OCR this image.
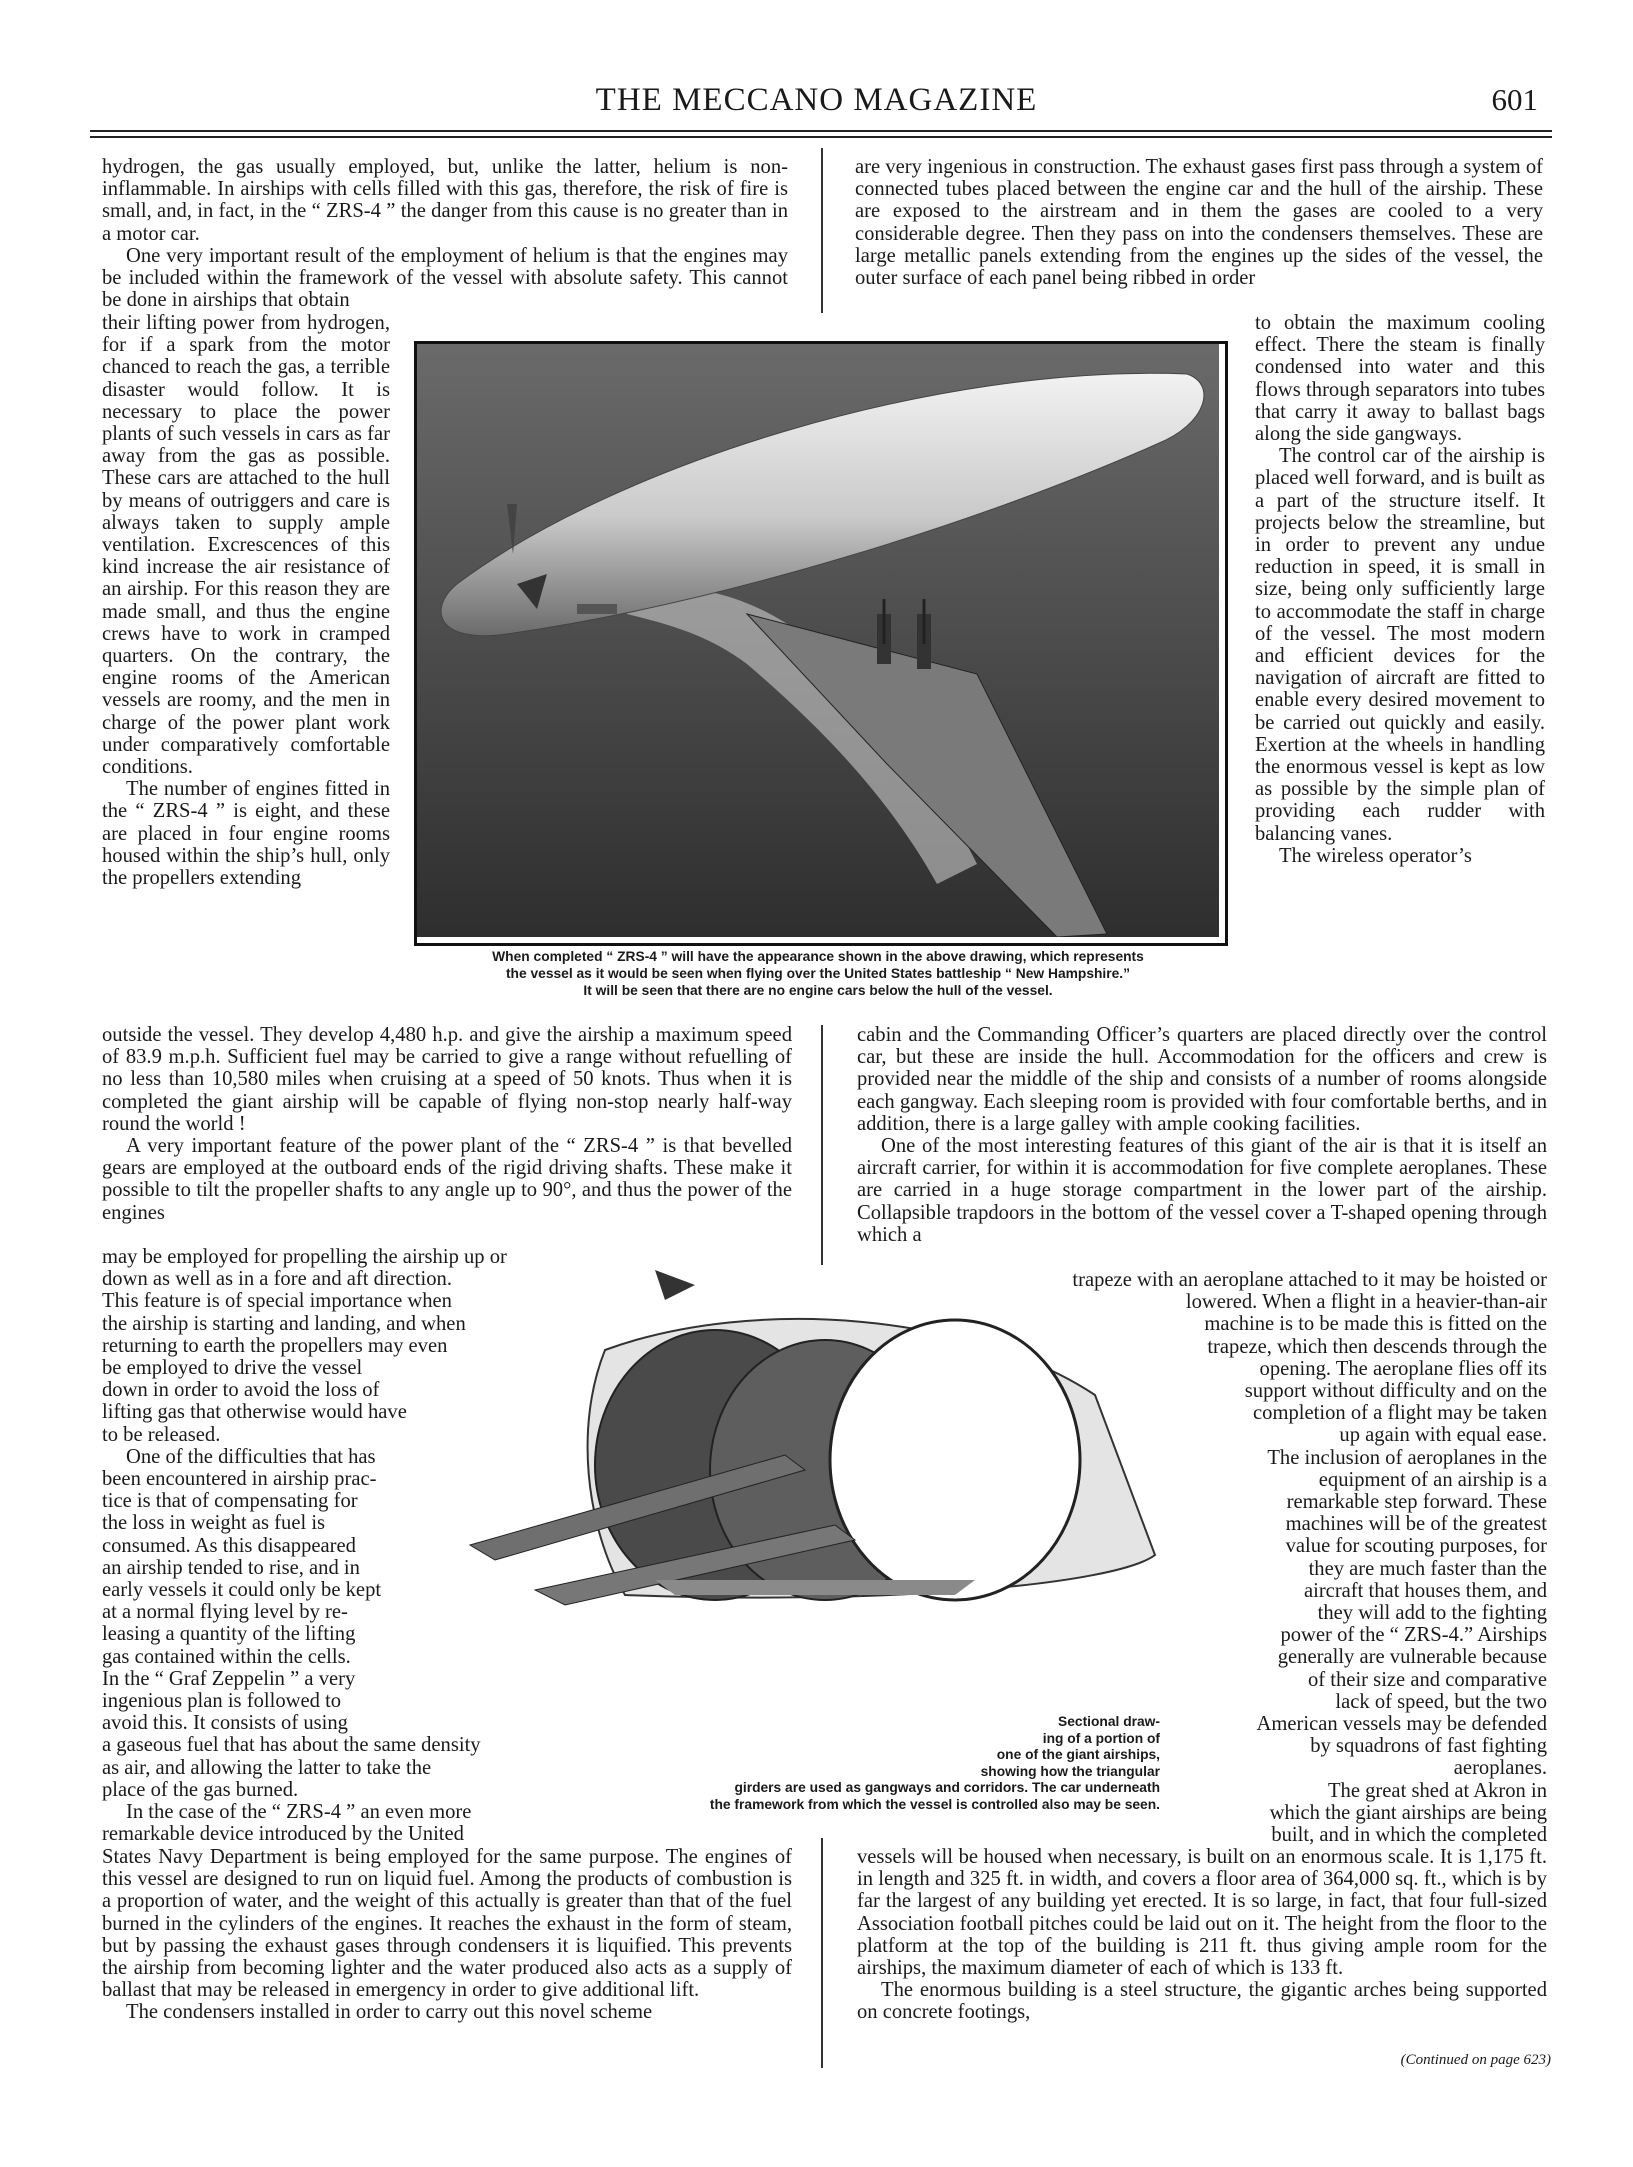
THE MECCANO MAGAZINE	601

hydrogen, the gas usually employed, but, unlike the latter, helium is non-inflammable. In airships with cells filled with this gas, therefore, the risk of fire is small, and, in fact, in the “ ZRS-4 ” the danger from this cause is no greater than in a motor car.

One very important result of the employment of helium is that the engines may be included within the framework of the vessel with absolute safety. This cannot be done in airships that obtain

their lifting power from hydrogen, for if a spark from the motor chanced to reach the gas, a terrible disaster would follow. It is necessary to place the power plants of such vessels in cars as far away from the gas as possible. These cars are attached to the hull by means of outriggers and care is always taken to supply ample ventilation. Excrescences of this kind increase the air resistance of an airship. For this reason they are made small, and thus the engine crews have to work in cramped quarters. On the contrary, the engine rooms of the American vessels are roomy, and the men in charge of the power plant work under comparatively comfortable conditions.

The number of engines fitted in the “ ZRS-4 ” is eight, and these are placed in four engine rooms housed within the ship’s hull, only the propellers extending

outside the vessel. They develop 4,480 h.p. and give the airship a maximum speed of 83.9 m.p.h. Sufficient fuel may be carried to give a range without refuelling of no less than 10,580 miles when cruising at a speed of 50 knots. Thus when it is completed the giant airship will be capable of flying non-stop nearly half-way round the world !

A very important feature of the power plant of the “ ZRS-4 ” is that bevelled gears are employed at the outboard ends of the rigid driving shafts. These make it possible to tilt the propeller shafts to any angle up to 90°, and thus the power of the engines

may be employed for propelling the airship up or
down as well as in a fore and aft direction.
This feature is of special importance when
the airship is starting and landing, and when
returning to earth the propellers may even
be employed to drive the vessel
down in order to avoid the loss of
lifting gas that otherwise would have
to be released.
One of the difficulties that has
been encountered in airship prac-
tice is that of compensating for
the loss in weight as fuel is
consumed. As this disappeared
an airship tended to rise, and in
early vessels it could only be kept
at a normal flying level by re-
leasing a quantity of the lifting
gas contained within the cells.
In the “ Graf Zeppelin ” a very
ingenious plan is followed to
avoid this. It consists of using
a gaseous fuel that has about the same density
as air, and allowing the latter to take the
place of the gas burned.
In the case of the “ ZRS-4 ” an even more
remarkable device introduced by the United

States Navy Department is being employed for the same purpose. The engines of this vessel are designed to run on liquid fuel. Among the products of combustion is a proportion of water, and the weight of this actually is greater than that of the fuel burned in the cylinders of the engines. It reaches the exhaust in the form of steam, but by passing the exhaust gases through condensers it is liquified. This prevents the airship from becoming lighter and the water produced also acts as a supply of ballast that may be released in emergency in order to give additional lift.

The condensers installed in order to carry out this novel scheme

are very ingenious in construction. The exhaust gases first pass through a system of connected tubes placed between the engine car and the hull of the airship. These are exposed to the airstream and in them the gases are cooled to a very considerable degree. Then they pass on into the condensers themselves. These are large metallic panels extending from the engines up the sides of the vessel, the outer surface of each panel being ribbed in order

to obtain the maximum cooling effect. There the steam is finally condensed into water and this flows through separators into tubes that carry it away to ballast bags along the side gangways.

The control car of the airship is placed well forward, and is built as a part of the structure itself. It projects below the streamline, but in order to prevent any undue reduction in speed, it is small in size, being only sufficiently large to accommodate the staff in charge of the vessel. The most modern and efficient devices for the navigation of aircraft are fitted to enable every desired movement to be carried out quickly and easily. Exertion at the wheels in handling the enormous vessel is kept as low as possible by the simple plan of providing each rudder with balancing vanes.

The wireless operator’s

cabin and the Commanding Officer’s quarters are placed directly over the control car, but these are inside the hull. Accommodation for the officers and crew is provided near the middle of the ship and consists of a number of rooms alongside each gangway. Each sleeping room is provided with four comfortable berths, and in addition, there is a large galley with ample cooking facilities.

One of the most interesting features of this giant of the air is that it is itself an aircraft carrier, for within it is accommodation for five complete aeroplanes. These are carried in a huge storage compartment in the lower part of the airship. Collapsible trapdoors in the bottom of the vessel cover a T-shaped opening through which a

trapeze with an aeroplane attached to it may be hoisted or
lowered. When a flight in a heavier-than-air
machine is to be made this is fitted on the
trapeze, which then descends through the
opening. The aeroplane flies off its
support without difficulty and on the
completion of a flight may be taken
up again with equal ease.
The inclusion of aeroplanes in the
equipment of an airship is a
remarkable step forward. These
machines will be of the greatest
value for scouting purposes, for
they are much faster than the
aircraft that houses them, and
they will add to the fighting
power of the “ ZRS-4.” Airships
generally are vulnerable because
of their size and comparative
lack of speed, but the two
American vessels may be defended
by squadrons of fast fighting
aeroplanes.
The great shed at Akron in
which the giant airships are being
built, and in which the completed

vessels will be housed when necessary, is built on an enormous scale. It is 1,175 ft. in length and 325 ft. in width, and covers a floor area of 364,000 sq. ft., which is by far the largest of any building yet erected. It is so large, in fact, that four full-sized Association football pitches could be laid out on it. The height from the floor to the platform at the top of the building is 211 ft. thus giving ample room for the airships, the maximum diameter of each of which is 133 ft.

The enormous building is a steel structure, the gigantic arches being supported on concrete footings,

(Continued on page 623)
When completed “ ZRS-4 ” will have the appearance shown in the above drawing, which represents
the vessel as it would be seen when flying over the United States battleship “ New Hampshire.”
It will be seen that there are no engine cars below the hull of the vessel.
Sectional draw-
ing of a portion of
one of the giant airships,
showing how the triangular
girders are used as gangways and corridors. The car underneath
the framework from which the vessel is controlled also may be seen.
